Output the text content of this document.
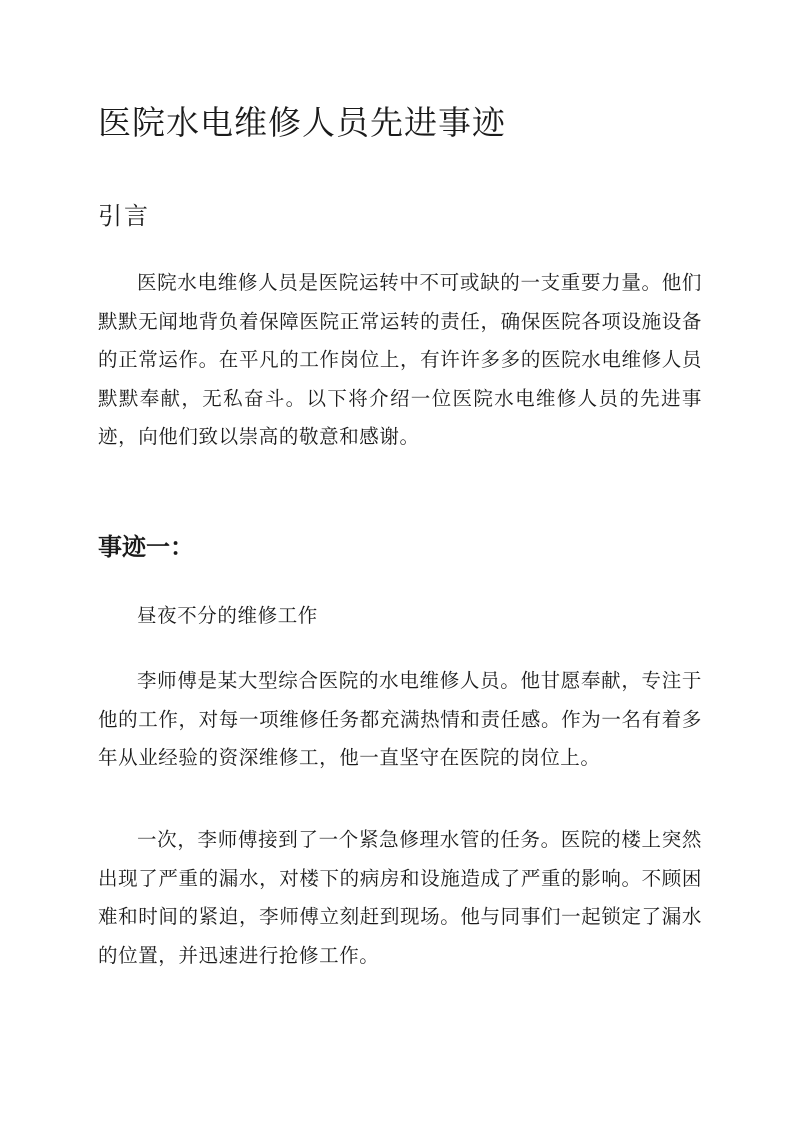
医院水电维修人员先进事迹
引言

医院水电维修人员是医院运转中不可或缺的一支重要力量。他们默默无闻地背负着保障医院正常运转的责任，确保医院各项设施设备的正常运作。在平凡的工作岗位上，有许许多多的医院水电维修人员默默奉献，无私奋斗。以下将介绍一位医院水电维修人员的先进事迹，向他们致以崇高的敬意和感谢。

事迹一：

昼夜不分的维修工作

李师傅是某大型综合医院的水电维修人员。他甘愿奉献，专注于他的工作，对每一项维修任务都充满热情和责任感。作为一名有着多年从业经验的资深维修工，他一直坚守在医院的岗位上。

一次，李师傅接到了一个紧急修理水管的任务。医院的楼上突然出现了严重的漏水，对楼下的病房和设施造成了严重的影响。不顾困难和时间的紧迫，李师傅立刻赶到现场。他与同事们一起锁定了漏水的位置，并迅速进行抢修工作。
